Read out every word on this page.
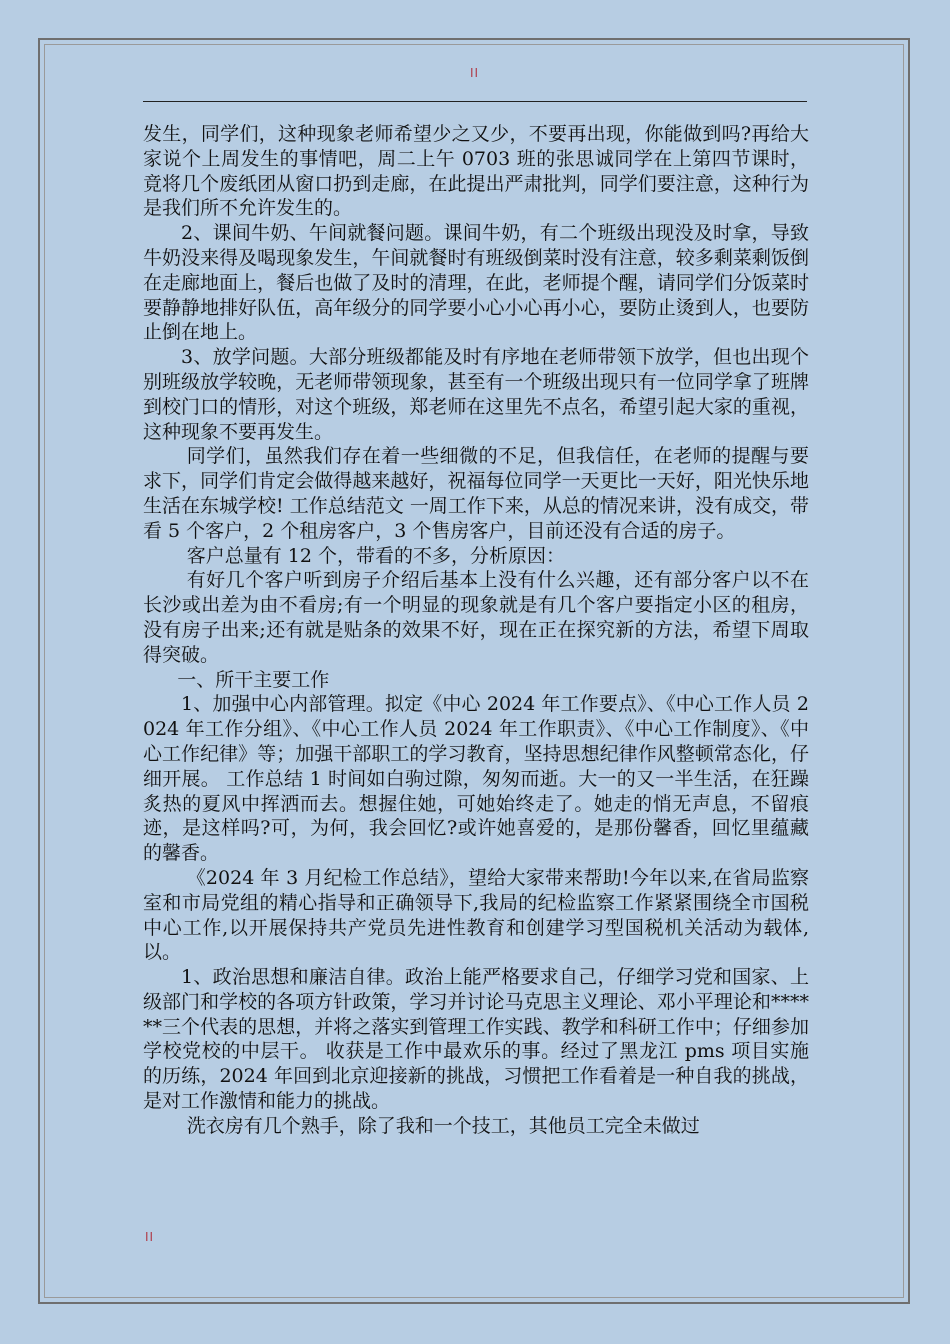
II

发生，同学们，这种现象老师希望少之又少，不要再出现，你能做到吗?再给大家说个上周发生的事情吧，周二上午 0703 班的张思诚同学在上第四节课时，竟将几个废纸团从窗口扔到走廊，在此提出严肃批判，同学们要注意，这种行为是我们所不允许发生的。

2、课间牛奶、午间就餐问题。课间牛奶，有二个班级出现没及时拿，导致牛奶没来得及喝现象发生，午间就餐时有班级倒菜时没有注意，较多剩菜剩饭倒在走廊地面上，餐后也做了及时的清理，在此，老师提个醒，请同学们分饭菜时要静静地排好队伍，高年级分的同学要小心小心再小心，要防止烫到人，也要防止倒在地上。

3、放学问题。大部分班级都能及时有序地在老师带领下放学，但也出现个别班级放学较晚，无老师带领现象，甚至有一个班级出现只有一位同学拿了班牌到校门口的情形，对这个班级，郑老师在这里先不点名，希望引起大家的重视，这种现象不要再发生。

同学们，虽然我们存在着一些细微的不足，但我信任，在老师的提醒与要求下，同学们肯定会做得越来越好，祝福每位同学一天更比一天好，阳光快乐地生活在东城学校! 工作总结范文 一周工作下来，从总的情况来讲，没有成交，带看 5 个客户，2 个租房客户，3 个售房客户，目前还没有合适的房子。

客户总量有 12 个，带看的不多，分析原因：

有好几个客户听到房子介绍后基本上没有什么兴趣，还有部分客户以不在长沙或出差为由不看房;有一个明显的现象就是有几个客户要指定小区的租房，没有房子出来;还有就是贴条的效果不好，现在正在探究新的方法，希望下周取得突破。

一、所干主要工作

1、加强中心内部管理。拟定《中心 2024 年工作要点》、《中心工作人员 2024 年工作分组》、《中心工作人员 2024 年工作职责》、《中心工作制度》、《中心工作纪律》等；加强干部职工的学习教育，坚持思想纪律作风整顿常态化，仔细开展。 工作总结 1 时间如白驹过隙，匆匆而逝。大一的又一半生活，在狂躁炙热的夏风中挥洒而去。想握住她，可她始终走了。她走的悄无声息，不留痕迹，是这样吗?可，为何，我会回忆?或许她喜爱的，是那份馨香，回忆里蕴藏的馨香。

《2024 年 3 月纪检工作总结》，望给大家带来帮助!今年以来,在省局监察室和市局党组的精心指导和正确领导下,我局的纪检监察工作紧紧围绕全市国税中心工作,以开展保持共产党员先进性教育和创建学习型国税机关活动为载体,以。

1、政治思想和廉洁自律。政治上能严格要求自己，仔细学习党和国家、上级部门和学校的各项方针政策，学习并讨论马克思主义理论、邓小平理论和******三个代表的思想，并将之落实到管理工作实践、教学和科研工作中；仔细参加学校党校的中层干。 收获是工作中最欢乐的事。经过了黑龙江 pms 项目实施的历练，2024 年回到北京迎接新的挑战，习惯把工作看着是一种自我的挑战，是对工作激情和能力的挑战。

洗衣房有几个熟手，除了我和一个技工，其他员工完全未做过

II
